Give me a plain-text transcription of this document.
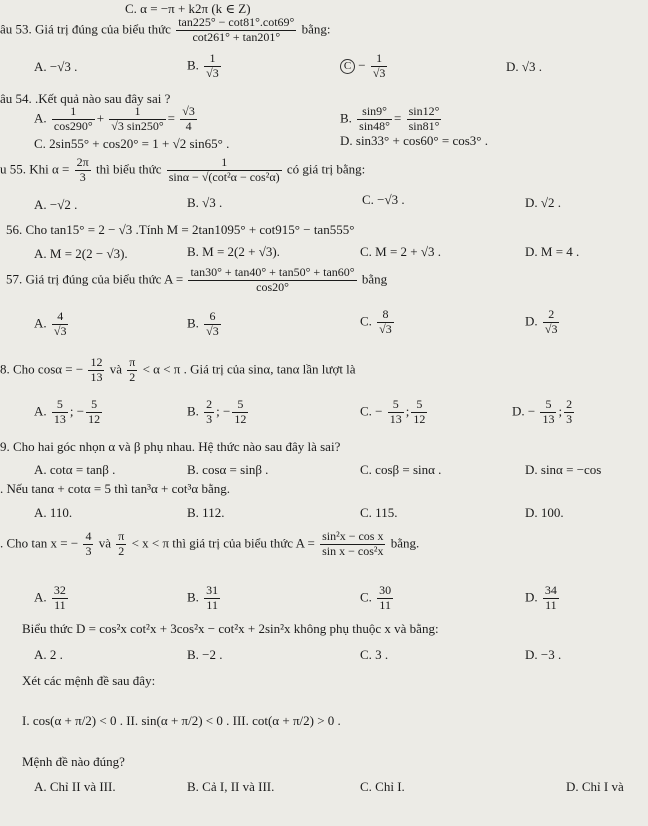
C. α = −π + k2π (k ∈ Z)
âu 53. Giá trị đúng của biểu thức $\frac{\tan 225^\circ - \cot 81^\circ.\cot 69^\circ}{\cot 261^\circ + \tan 201^\circ}$ bằng:
A. −√3 .	B. $\frac{1}{√3}$	$C - \frac{1}{√3}$	D. √3 .
âu 54. .Kết quả nào sau đây sai ?
A. $\frac{1}{\cos 290^\circ} + \frac{1}{√3 \sin 250^\circ} = \frac{√3}{4}$	B. $\frac{\sin 9^\circ}{\sin 48^\circ} = \frac{\sin 12^\circ}{\sin 81^\circ}$
C. 2sin55° + cos20° = 1 + √2 sin65° .	D. sin33° + cos60° = cos3° .
u 55. Khi $\alpha = \frac{2\pi}{3}$ thì biểu thức $\frac{1}{\text{sinα − √(cot²α − cos²α)}}$ có giá trị bằng:
A. −√2 .	B. √3 .	C. −√3 .	D. √2 .
56. Cho tan15° = 2 − √3 .Tính M = 2tan1095° + cot915° − tan555°
A. M = 2(2 − √3).	B. M = 2(2 + √3).	C. M = 2 + √3 .	D. M = 4 .
57. Giá trị đúng của biểu thức $A = \frac{\tan 30^\circ + \tan 40^\circ + \tan 50^\circ + \tan 60^\circ}{\cos 20^\circ}$ bằng
A. $\frac{4}{√3}$	B. $\frac{6}{√3}$	C. $\frac{8}{√3}$	D. $\frac{2}{√3}$
8. Cho cosα = − $\frac{12}{13}$ và $\frac{\pi}{2} < \alpha < \pi$ . Giá trị của sinα, tanα lần lượt là
A. $\frac{5}{13}$ ; − $\frac{5}{12}$	B. $\frac{2}{3}$ ; − $\frac{5}{12}$	C. − $\frac{5}{13}$ ; $\frac{5}{12}$	D. − $\frac{5}{13}$ ; $\frac{2}{3}$
9. Cho hai góc nhọn α và β phụ nhau. Hệ thức nào sau đây là sai?
A. cotα = tanβ .	B. cosα = sinβ .	C. cosβ = sinα .	D. sinα = −cos
. Nếu tanα + cotα = 5 thì tan³α + cot³α bằng.
A. 110.	B. 112.	C. 115.	D. 100.
. Cho tan x = − $\frac{4}{3}$ và $\frac{\pi}{2} < x < \pi$ thì giá trị của biểu thức $A = \frac{\text{sin²x − cos x}}{\text{sin x − cos²x}}$ bằng.
A. $\frac{32}{11}$	B. $\frac{31}{11}$	C. $\frac{30}{11}$	D. $\frac{34}{11}$
Biểu thức D = cos²x cot²x + 3cos²x − cot²x + 2sin²x không phụ thuộc x và bằng:
A. 2 .	B. −2 .	C. 3 .	D. −3 .
Xét các mệnh đề sau đây:
I. cos(α + π/2) < 0 . II. sin(α + π/2) < 0 . III. cot(α + π/2) > 0 .
Mệnh đề nào đúng?
A. Chỉ II và III.	B. Cả I, II và III.	C. Chỉ I.	D. Chỉ I và
